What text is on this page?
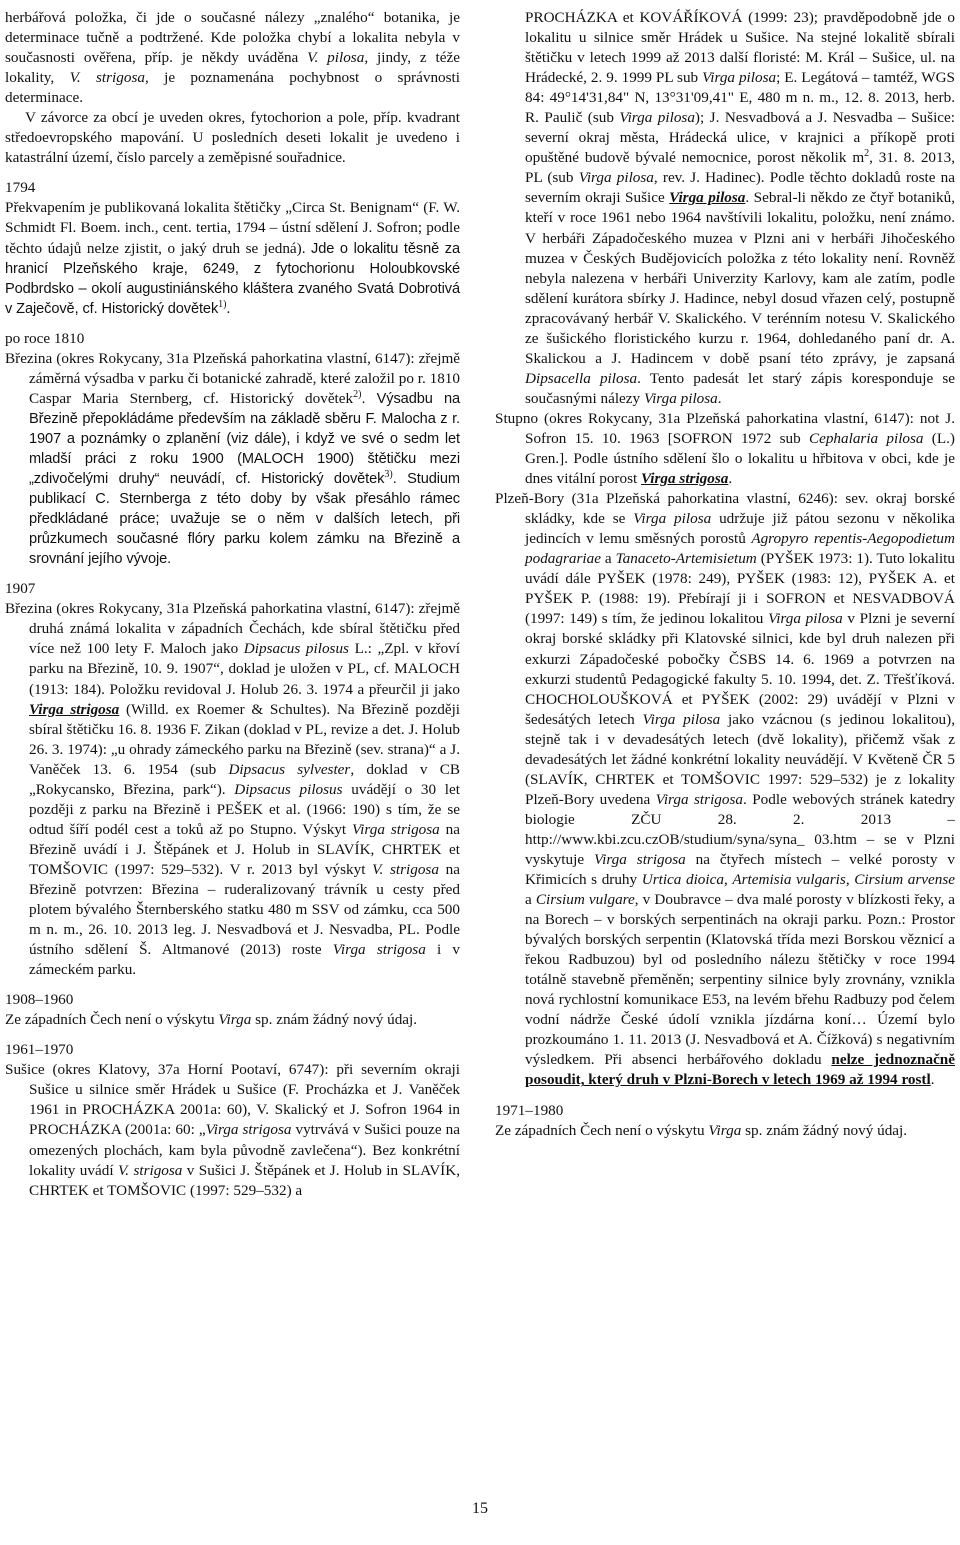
herbářová položka, či jde o současné nálezy „znalého“ botanika, je determinace tučně a podtržené. Kde položka chybí a lokalita nebyla v současnosti ověřena, příp. je někdy uváděna V. pilosa, jindy, z téže lokality, V. strigosa, je poznamenána pochybnost o správnosti determinace.
V závorce za obcí je uveden okres, fytochorion a pole, příp. kvadrant středoevropského mapování. U posledních deseti lokalit je uvedeno i katastrální území, číslo parcely a zeměpisné souřadnice.
1794
Překvapením je publikovaná lokalita štětičky „Circa St. Benignam“ (F. W. Schmidt Fl. Boem. inch., cent. tertia, 1794 – ústní sdělení J. Sofron; podle těchto údajů nelze zjistit, o jaký druh se jedná). Jde o lokalitu těsně za hranicí Plzeňského kraje, 6249, z fytochorionu Holoubkovské Podbrdsko – okolí augustiniánského kláštera zvaného Svatá Dobrotivá v Zaječově, cf. Historický dovětek$^{1)}$.
po roce 1810
Březina (okres Rokycany, 31a Plzeňská pahorkatina vlastní, 6147): zřejmě záměrná výsadba v parku či botanické zahradě, které založil po r. 1810 Caspar Maria Sternberg, cf. Historický dovětek$^{2)}$. Výsadbu na Březině přepokládáme především na základě sběru F. Malocha z r. 1907 a poznámky o zplanění (viz dále), i když ve své o sedm let mladší práci z roku 1900 (MALOCH 1900) štětičku mezi „zdivočelými druhy“ neuvádí, cf. Historický dovětek$^{3)}$. Studium publikací C. Sternberga z této doby by však přesáhlo rámec předkládané práce; uvažuje se o něm v dalších letech, při průzkumech současné flóry parku kolem zámku na Březině a srovnání jejího vývoje.
1907
Březina (okres Rokycany, 31a Plzeňská pahorkatina vlastní, 6147): zřejmě druhá známá lokalita v západních Čechách, kde sbíral štětičku před více než 100 lety F. Maloch jako Dipsacus pilosus L.: „Zpl. v křoví parku na Březině, 10. 9. 1907“, doklad je uložen v PL, cf. MALOCH (1913: 184). Položku revidoval J. Holub 26. 3. 1974 a přeurčil ji jako Virga strigosa (Willd. ex Roemer & Schultes). Na Březině později sbíral štětičku 16. 8. 1936 F. Zikan (doklad v PL, revize a det. J. Holub 26. 3. 1974): „u ohrady zámeckého parku na Březině (sev. strana)“ a J. Vaněček 13. 6. 1954 (sub Dipsacus sylvester, doklad v CB „Rokycansko, Březina, park“). Dipsacus pilosus uvádějí o 30 let později z parku na Březině i PEŠEK et al. (1966: 190) s tím, že se odtud šíří podél cest a toků až po Stupno. Výskyt Virga strigosa na Březině uvádí i J. Štěpánek et J. Holub in SLAVÍK, CHRTEK et TOMŠOVIC (1997: 529–532). V r. 2013 byl výskyt V. strigosa na Březině potvrzen: Březina – ruderalizovaný trávník u cesty před plotem bývalého Šternberského statku 480 m SSV od zámku, cca 500 m n. m., 26. 10. 2013 leg. J. Nesvadbová et J. Nesvadba, PL. Podle ústního sdělení Š. Altmanové (2013) roste Virga strigosa i v zámeckém parku.
1908–1960
Ze západních Čech není o výskytu Virga sp. znám žádný nový údaj.
1961–1970
Sušice (okres Klatovy, 37a Horní Pootaví, 6747): při severním okraji Sušice u silnice směr Hrádek u Sušice (F. Procházka et J. Vaněček 1961 in PROCHÁZKA 2001a: 60), V. Skalický et J. Sofron 1964 in PROCHÁZKA (2001a: 60: „Virga strigosa vytrvává v Sušici pouze na omezených plochách, kam byla původně zavlečena“). Bez konkrétní lokality uvádí V. strigosa v Sušici J. Štěpánek et J. Holub in SLAVÍK, CHRTEK et TOMŠOVIC (1997: 529–532) a
PROCHÁZKA et KOVÁŘÍKOVÁ (1999: 23); pravděpodobně jde o lokalitu u silnice směr Hrádek u Sušice. Na stejné lokalitě sbírali štětičku v letech 1999 až 2013 další floristé: M. Král – Sušice, ul. na Hrádecké, 2. 9. 1999 PL sub Virga pilosa; E. Legátová – tamtéž, WGS 84: 49°14'31,84" N, 13°31'09,41" E, 480 m n. m., 12. 8. 2013, herb. R. Paulič (sub Virga pilosa); J. Nesvadbová a J. Nesvadba – Sušice: severní okraj města, Hrádecká ulice, v krajnici a příkopě proti opuštěné budově bývalé nemocnice, porost několik $m^2$, 31. 8. 2013, PL (sub Virga pilosa, rev. J. Hadinec). Podle těchto dokladů roste na severním okraji Sušice Virga pilosa. Sebral-li někdo ze čtyř botaniků, kteří v roce 1961 nebo 1964 navštívili lokalitu, položku, není známo. V herbáři Západočeského muzea v Plzni ani v herbáři Jihočeského muzea v Českých Budějovicích položka z této lokality není. Rovněž nebyla nalezena v herbáři Univerzity Karlovy, kam ale zatím, podle sdělení kurátora sbírky J. Hadince, nebyl dosud vřazen celý, postupně zpracovávaný herbář V. Skalického. V terénním notesu V. Skalického ze šušického floristického kurzu r. 1964, dohledaného paní dr. A. Skalickou a J. Hadincem v době psaní této zprávy, je zapsaná Dipsacella pilosa. Tento padesát let starý zápis koresponduje se současnými nálezy Virga pilosa.
Stupno (okres Rokycany, 31a Plzeňská pahorkatina vlastní, 6147): not J. Sofron 15. 10. 1963 [SOFRON 1972 sub Cephalaria pilosa (L.) Gren.]. Podle ústního sdělení šlo o lokalitu u hřbitova v obci, kde je dnes vitální porost Virga strigosa.
Plzeň-Bory (31a Plzeňská pahorkatina vlastní, 6246): sev. okraj borské skládky, kde se Virga pilosa udržuje již pátou sezonu v několika jedincích v lemu směsných porostů Agropyro repentis-Aegopodietum podagrariae a Tanaceto-Artemisietum (PYŠEK 1973: 1). Tuto lokalitu uvádí dále PYŠEK (1978: 249), PYŠEK (1983: 12), PYŠEK A. et PYŠEK P. (1988: 19). Přebírají ji i SOFRON et NESVADBOVÁ (1997: 149) s tím, že jedinou lokalitou Virga pilosa v Plzni je severní okraj borské skládky při Klatovské silnici, kde byl druh nalezen při exkurzi Západočeské pobočky ČSBS 14. 6. 1969 a potvrzen na exkurzi studentů Pedagogické fakulty 5. 10. 1994, det. Z. Třešťíková. CHOCHOLOUŠKOVÁ et PYŠEK (2002: 29) uvádějí v Plzni v šedesátých letech Virga pilosa jako vzácnou (s jedinou lokalitou), stejně tak i v devadesátých letech (dvě lokality), přičemž však z devadesátých let žádné konkrétní lokality neuvádějí. V Květeně ČR 5 (SLAVÍK, CHRTEK et TOMŠOVIC 1997: 529–532) je z lokality Plzeň-Bory uvedena Virga strigosa. Podle webových stránek katedry biologie ZČU 28. 2. 2013 – http://www.kbi.zcu.czOB/studium/syna/syna_ 03.htm – se v Plzni vyskytuje Virga strigosa na čtyřech místech – velké porosty v Křimicích s druhy Urtica dioica, Artemisia vulgaris, Cirsium arvense a Cirsium vulgare, v Doubravce – dva malé porosty v blízkosti řeky, a na Borech – v borských serpentinách na okraji parku. Pozn.: Prostor bývalých borských serpentin (Klatovská třída mezi Borskou věznicí a řekou Radbuzou) byl od posledního nálezu štětičky v roce 1994 totálně stavebně přeměněn; serpentiny silnice byly zrovnány, vznikla nová rychlostní komunikace E53, na levém břehu Radbuzy pod čelem vodní nádrže České údolí vznikla jízdárna koní… Území bylo prozkoumáno 1. 11. 2013 (J. Nesvadbová et A. Čížková) s negativním výsledkem. Při absenci herbářového dokladu nelze jednoznačně posoudit, který druh v Plzni-Borech v letech 1969 až 1994 rostl.
1971–1980
Ze západních Čech není o výskytu Virga sp. znám žádný nový údaj.
15
